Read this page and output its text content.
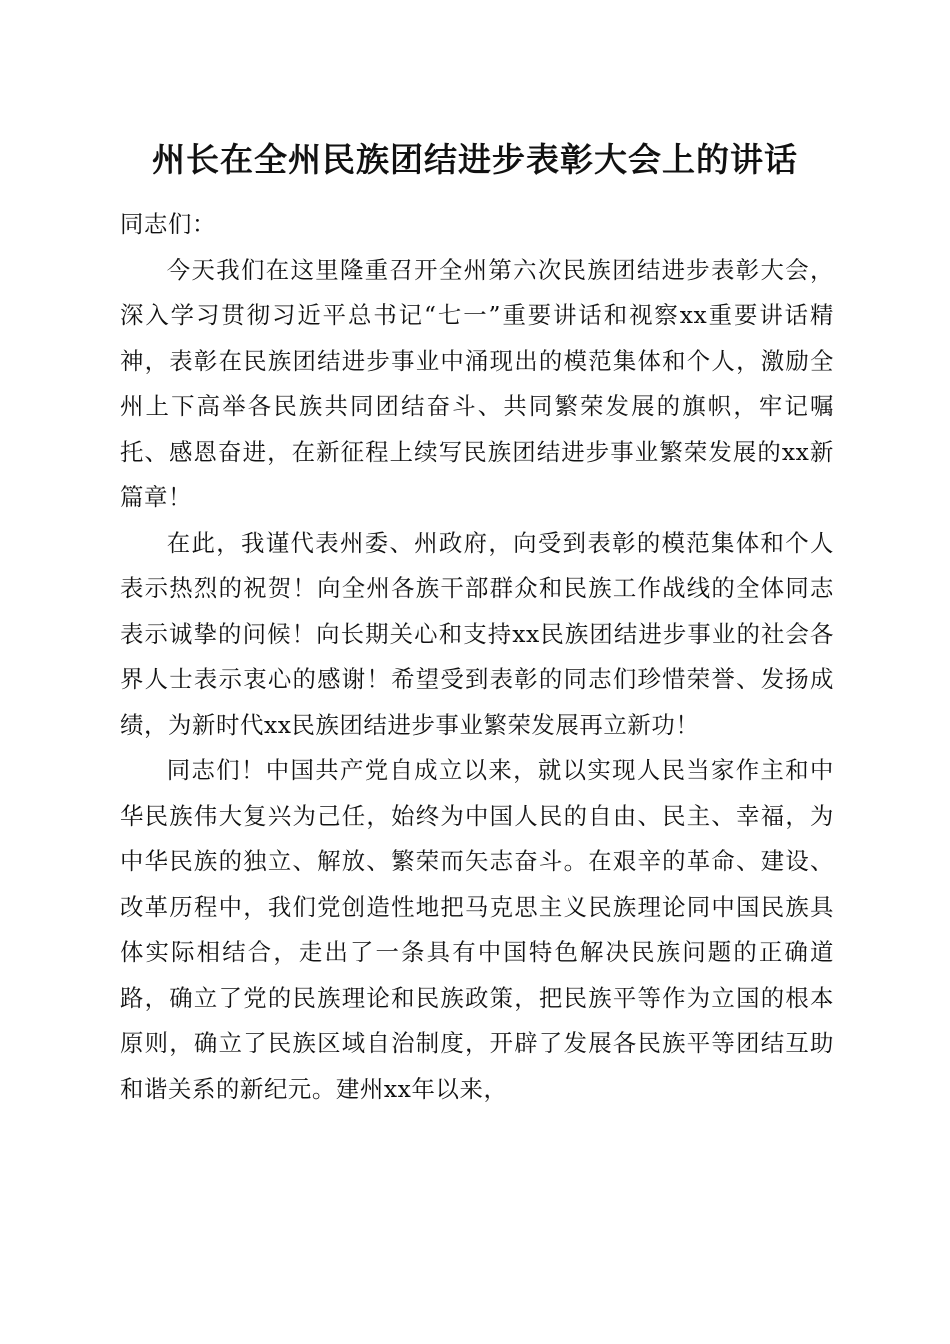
州长在全州民族团结进步表彰大会上的讲话

同志们：

今天我们在这里隆重召开全州第六次民族团结进步表彰大会，深入学习贯彻习近平总书记“七一”重要讲话和视察xx重要讲话精神，表彰在民族团结进步事业中涌现出的模范集体和个人，激励全州上下高举各民族共同团结奋斗、共同繁荣发展的旗帜，牢记嘱托、感恩奋进，在新征程上续写民族团结进步事业繁荣发展的xx新篇章！

在此，我谨代表州委、州政府，向受到表彰的模范集体和个人表示热烈的祝贺！向全州各族干部群众和民族工作战线的全体同志表示诚挚的问候！向长期关心和支持xx民族团结进步事业的社会各界人士表示衷心的感谢！希望受到表彰的同志们珍惜荣誉、发扬成绩，为新时代xx民族团结进步事业繁荣发展再立新功！

同志们！中国共产党自成立以来，就以实现人民当家作主和中华民族伟大复兴为己任，始终为中国人民的自由、民主、幸福，为中华民族的独立、解放、繁荣而矢志奋斗。在艰辛的革命、建设、改革历程中，我们党创造性地把马克思主义民族理论同中国民族具体实际相结合，走出了一条具有中国特色解决民族问题的正确道路，确立了党的民族理论和民族政策，把民族平等作为立国的根本原则，确立了民族区域自治制度，开辟了发展各民族平等团结互助和谐关系的新纪元。建州xx年以来，
